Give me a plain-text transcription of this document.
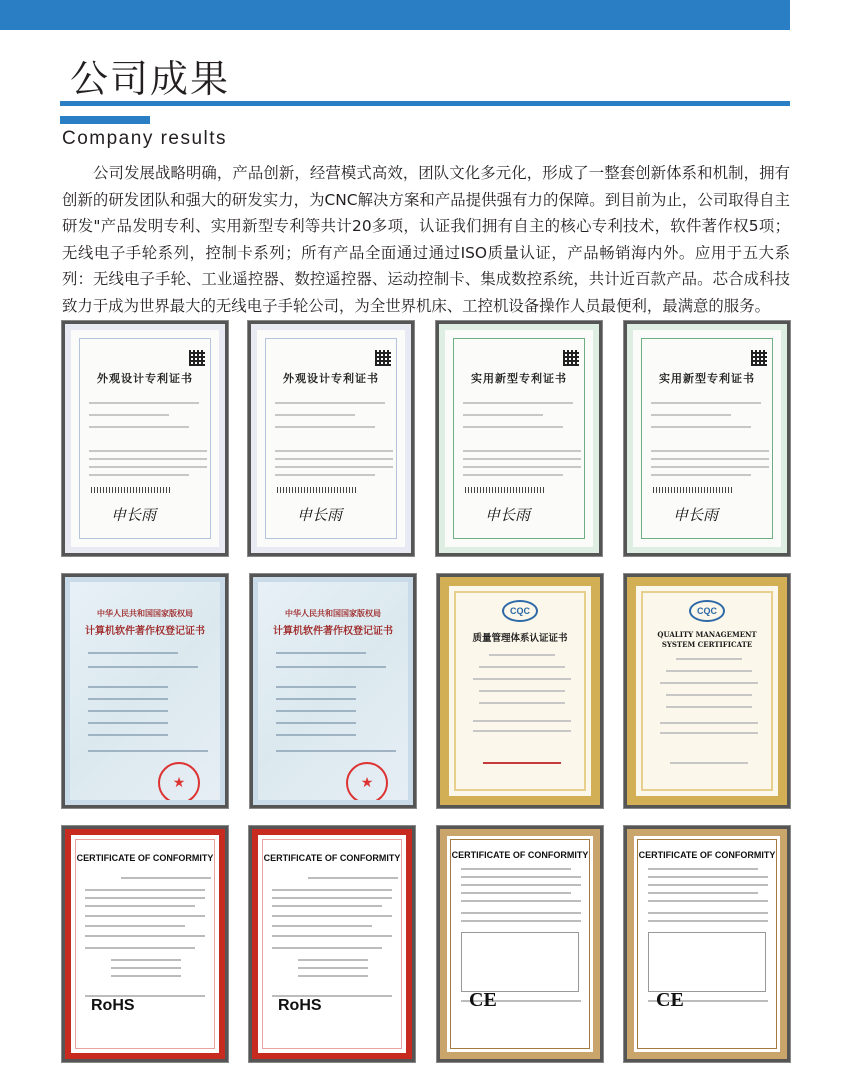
公司成果
Company results

公司发展战略明确，产品创新，经营模式高效，团队文化多元化，形成了一整套创新体系和机制，拥有创新的研发团队和强大的研发实力，为CNC解决方案和产品提供强有力的保障。到目前为止，公司取得自主研发"产品发明专利、实用新型专利等共计20多项，认证我们拥有自主的核心专利技术，软件著作权5项；无线电子手轮系列，控制卡系列；所有产品全面通过通过ISO质量认证，产品畅销海内外。应用于五大系列：无线电子手轮、工业遥控器、数控遥控器、运动控制卡、集成数控系统，共计近百款产品。芯合成科技致力于成为世界最大的无线电子手轮公司，为全世界机床、工控机设备操作人员最便利，最满意的服务。

外观设计专利证书
申长雨
外观设计专利证书
申长雨
实用新型专利证书
申长雨
实用新型专利证书
申长雨
中华人民共和国国家版权局
计算机软件著作权登记证书
★
中华人民共和国国家版权局
计算机软件著作权登记证书
★
CQC
质量管理体系认证证书
CQC
QUALITY MANAGEMENT SYSTEM CERTIFICATE
CERTIFICATE OF CONFORMITY
RoHS
CERTIFICATE OF CONFORMITY
RoHS
CERTIFICATE OF CONFORMITY
CE
CERTIFICATE OF CONFORMITY
CE
